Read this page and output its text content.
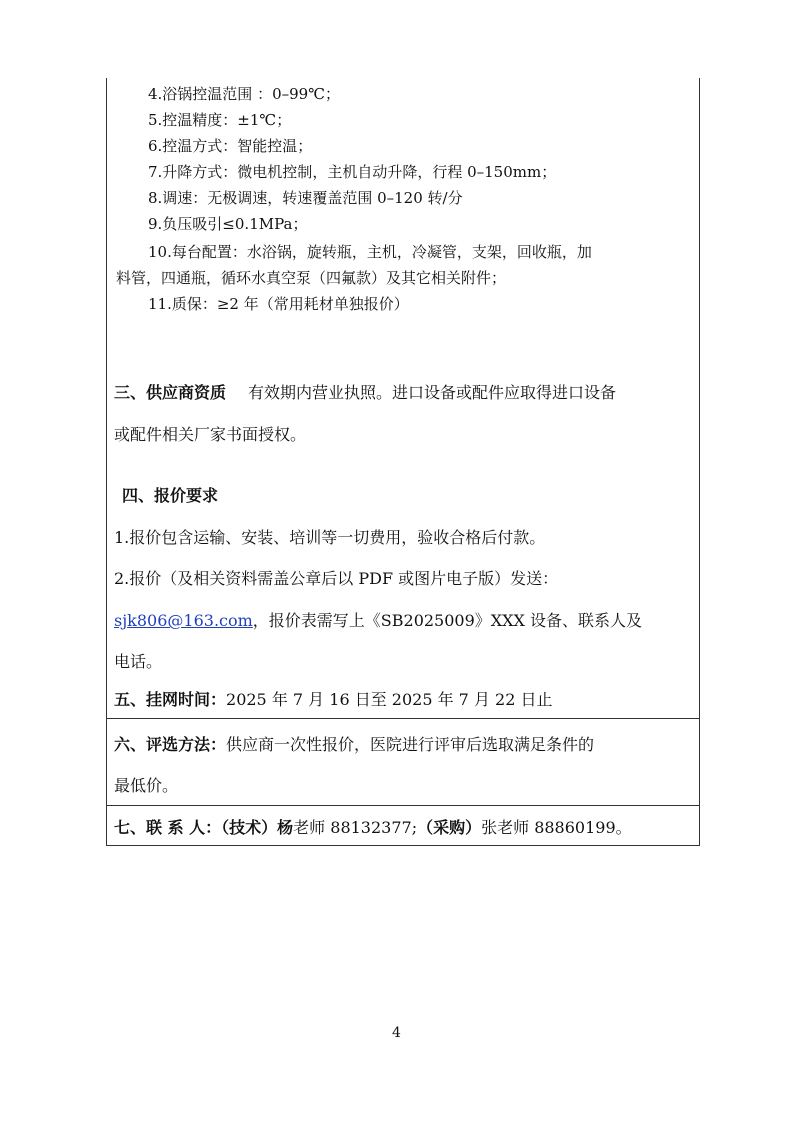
4.浴锅控温范围 ：0–99℃；
5.控温精度：±1℃；
6.控温方式：智能控温；
7.升降方式：微电机控制，主机自动升降，行程 0–150mm；
8.调速：无极调速，转速覆盖范围 0–120 转/分
9.负压吸引≤0.1MPa；
10.每台配置：水浴锅，旋转瓶，主机，冷凝管，支架，回收瓶，加
料管，四通瓶，循环水真空泵（四氟款）及其它相关附件；
11.质保：≥2 年（常用耗材单独报价）
三、供应商资质 有效期内营业执照。进口设备或配件应取得进口设备
或配件相关厂家书面授权。
四、报价要求
1.报价包含运输、安装、培训等一切费用，验收合格后付款。
2.报价（及相关资料需盖公章后以 PDF 或图片电子版）发送：
sjk806@163.com，报价表需写上《SB2025009》XXX 设备、联系人及
电话。
五、挂网时间：2025 年 7 月 16 日至 2025 年 7 月 22 日止
六、评选方法：供应商一次性报价，医院进行评审后选取满足条件的
最低价。
七、联 系 人：（技术）杨老师 88132377;（采购）张老师 88860199。
4
